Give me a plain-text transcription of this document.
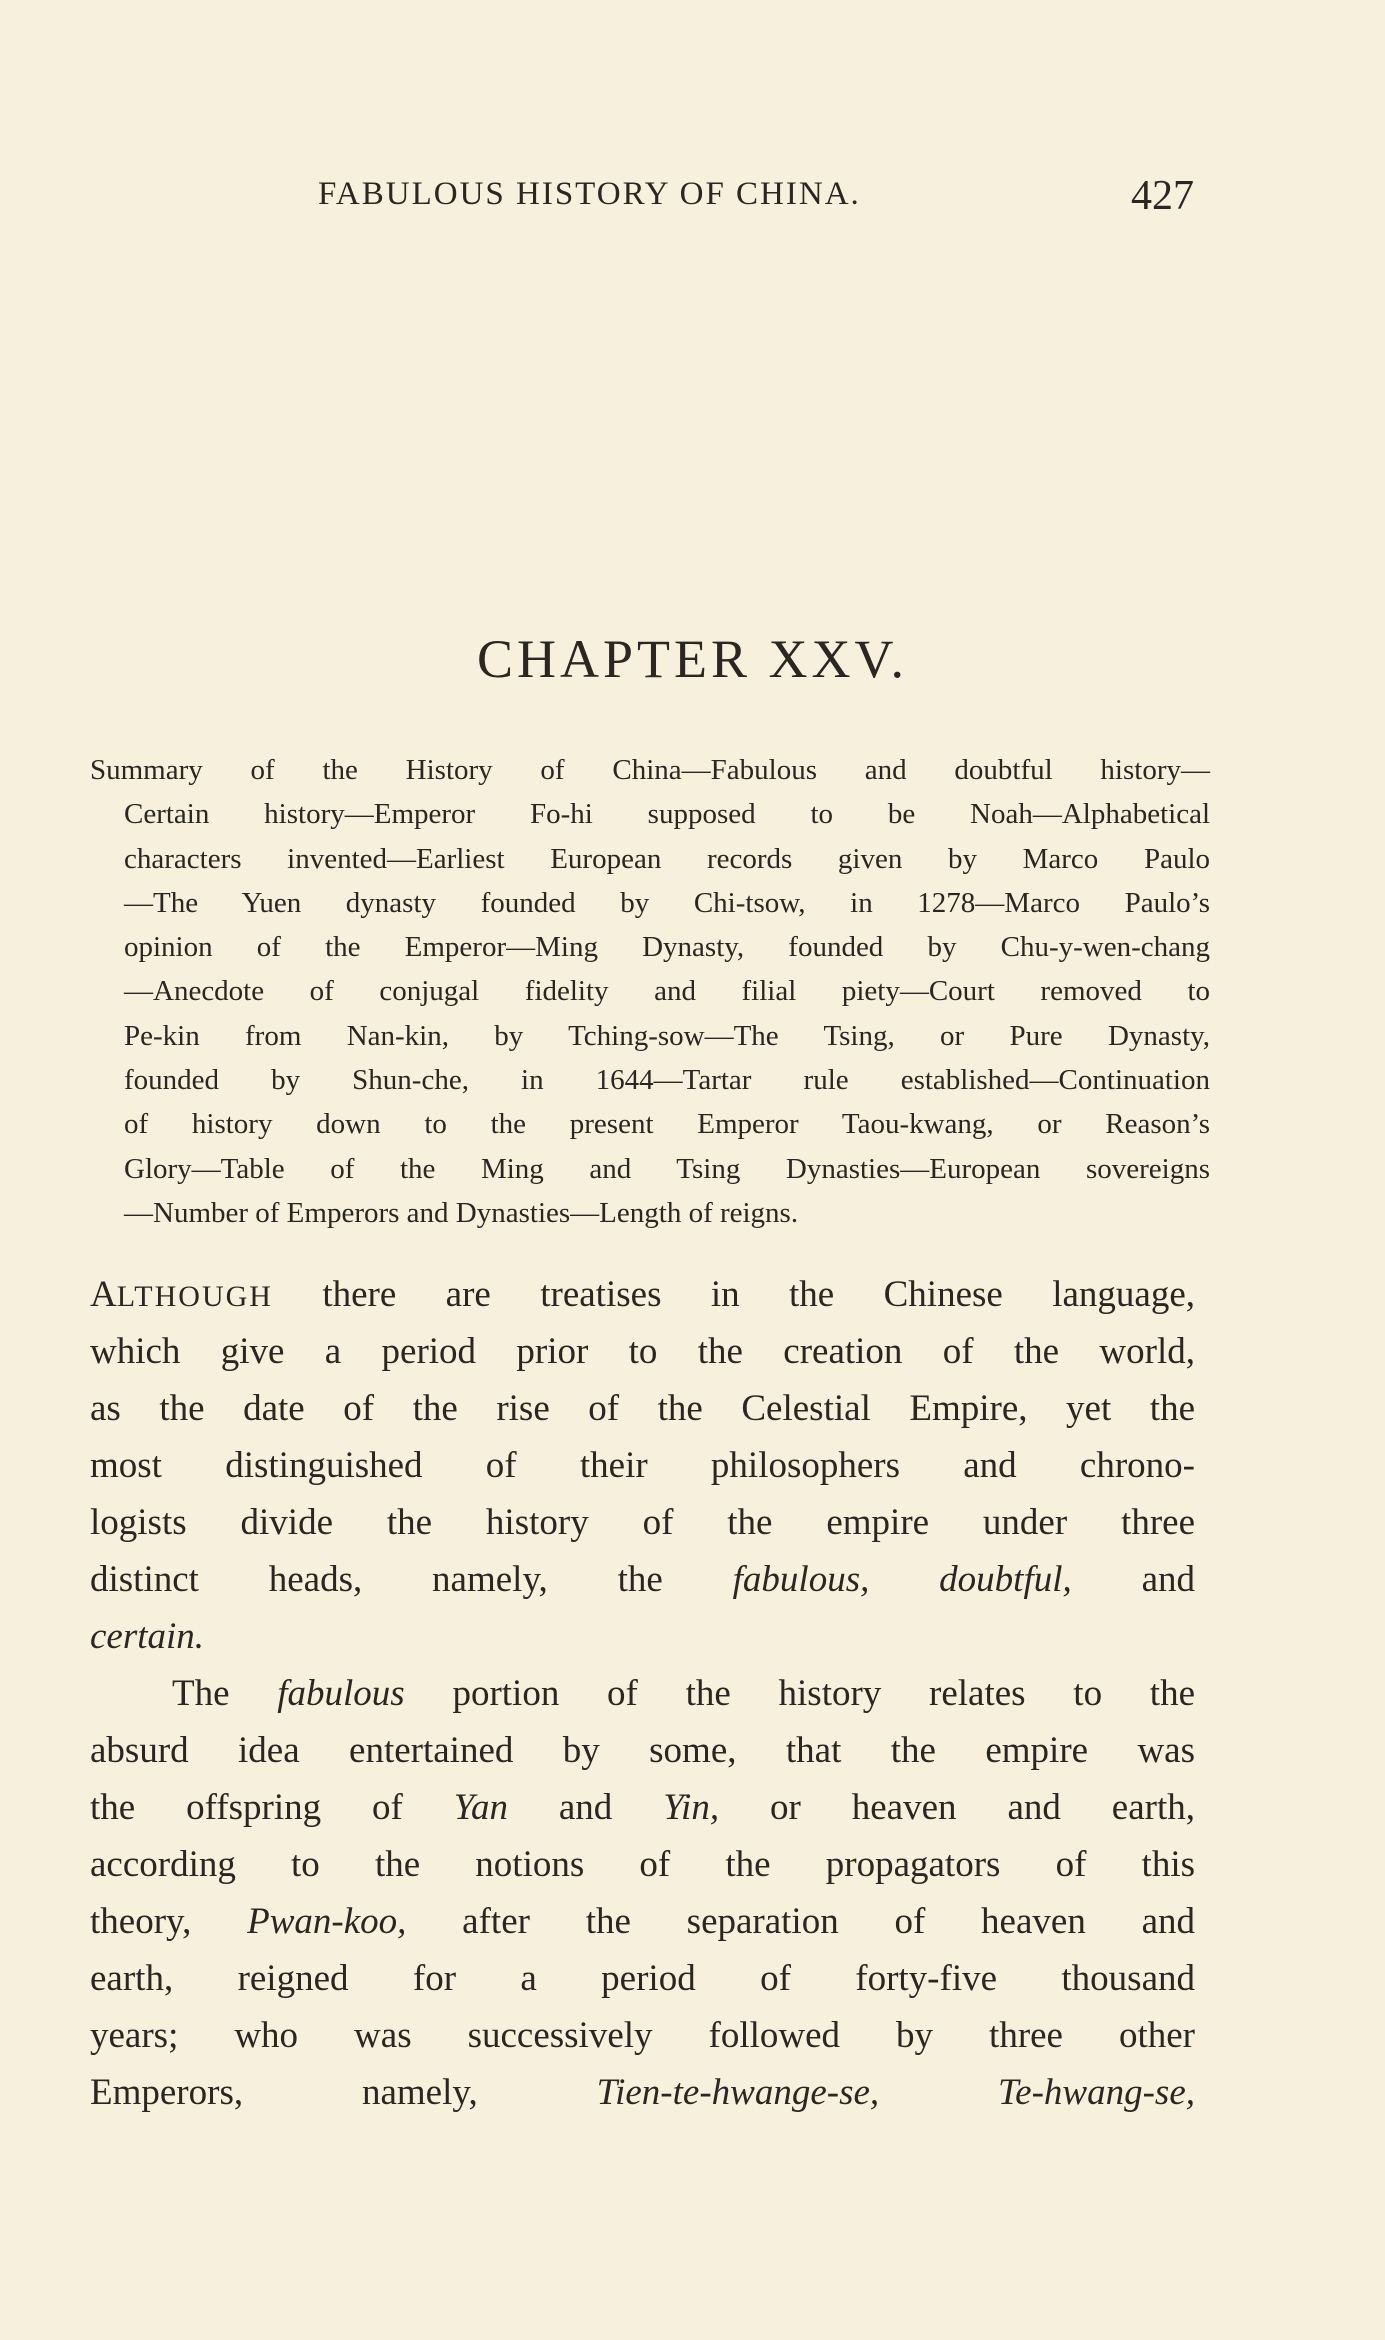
FABULOUS HISTORY OF CHINA.	427
CHAPTER XXV.
Summary of the History of China—Fabulous and doubtful history—
Certain history—Emperor Fo-hi supposed to be Noah—Alphabetical
characters invented—Earliest European records given by Marco Paulo
—The Yuen dynasty founded by Chi-tsow, in 1278—Marco Paulo’s
opinion of the Emperor—Ming Dynasty, founded by Chu-y-wen-chang
—Anecdote of conjugal fidelity and filial piety—Court removed to
Pe-kin from Nan-kin, by Tching-sow—The Tsing, or Pure Dynasty,
founded by Shun-che, in 1644—Tartar rule established—Continuation
of history down to the present Emperor Taou-kwang, or Reason’s
Glory—Table of the Ming and Tsing Dynasties—European sovereigns
—Number of Emperors and Dynasties—Length of reigns.
ALTHOUGH there are treatises in the Chinese language,
which give a period prior to the creation of the world,
as the date of the rise of the Celestial Empire, yet the
most distinguished of their philosophers and chrono-
logists divide the history of the empire under three
distinct heads, namely, the fabulous, doubtful, and
certain.
The fabulous portion of the history relates to the
absurd idea entertained by some, that the empire was
the offspring of Yan and Yin, or heaven and earth,
according to the notions of the propagators of this
theory, Pwan-koo, after the separation of heaven and
earth, reigned for a period of forty-five thousand
years; who was successively followed by three other
Emperors, namely, Tien-te-hwange-se,	Te-hwang-se,
